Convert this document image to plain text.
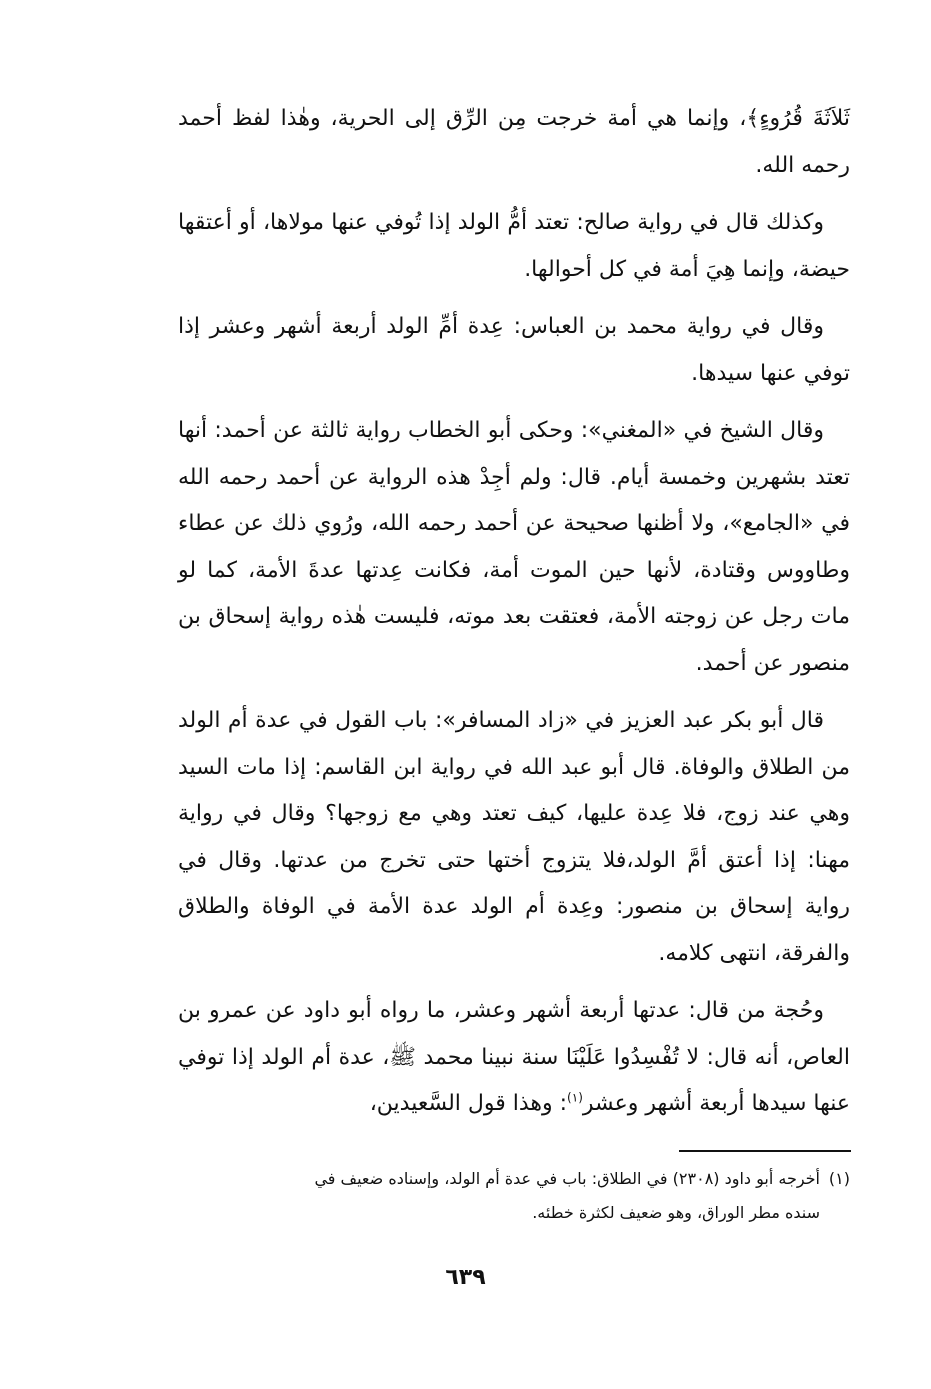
ثَلاَثَةَ قُرُوءٍ﴾، وإنما هي أمة خرجت مِن الرِّق إلى الحرية، وهٰذا لفظ أحمد رحمه الله.

وكذلك قال في رواية صالح: تعتد أمُّ الولد إذا تُوفي عنها مولاها، أو أعتقها حيضة، وإنما هِيَ أمة في كل أحوالها.

وقال في رواية محمد بن العباس: عِدة أمِّ الولد أربعة أشهر وعشر إذا توفي عنها سيدها.

وقال الشيخ في «المغني»: وحكى أبو الخطاب رواية ثالثة عن أحمد: أنها تعتد بشهرين وخمسة أيام. قال: ولم أجِدْ هذه الرواية عن أحمد رحمه الله في «الجامع»، ولا أظنها صحيحة عن أحمد رحمه الله، ورُوي ذلك عن عطاء وطاووس وقتادة، لأنها حين الموت أمة، فكانت عِدتها عدةَ الأمة، كما لو مات رجل عن زوجته الأمة، فعتقت بعد موته، فليست هٰذه رواية إسحاق بن منصور عن أحمد.

قال أبو بكر عبد العزيز في «زاد المسافر»: باب القول في عدة أم الولد من الطلاق والوفاة. قال أبو عبد الله في رواية ابن القاسم: إذا مات السيد وهي عند زوج، فلا عِدة عليها، كيف تعتد وهي مع زوجها؟ وقال في رواية مهنا: إذا أعتق أمَّ الولد،فلا يتزوج أختها حتى تخرج من عدتها. وقال في رواية إسحاق بن منصور: وعِدة أم الولد عدة الأمة في الوفاة والطلاق والفرقة، انتهى كلامه.

وحُجة من قال: عدتها أربعة أشهر وعشر، ما رواه أبو داود عن عمرو بن العاص، أنه قال: لا تُفْسِدُوا عَلَيْنَا سنة نبينا محمد ﷺ، عدة أم الولد إذا توفي عنها سيدها أربعة أشهر وعشر$^{(١)}$: وهذا قول السَّعيدين،

(١)أخرجه أبو داود (٢٣٠٨) في الطلاق: باب في عدة أم الولد، وإسناده ضعيف في
سنده مطر الوراق، وهو ضعيف لكثرة خطئه.

٦٣٩
